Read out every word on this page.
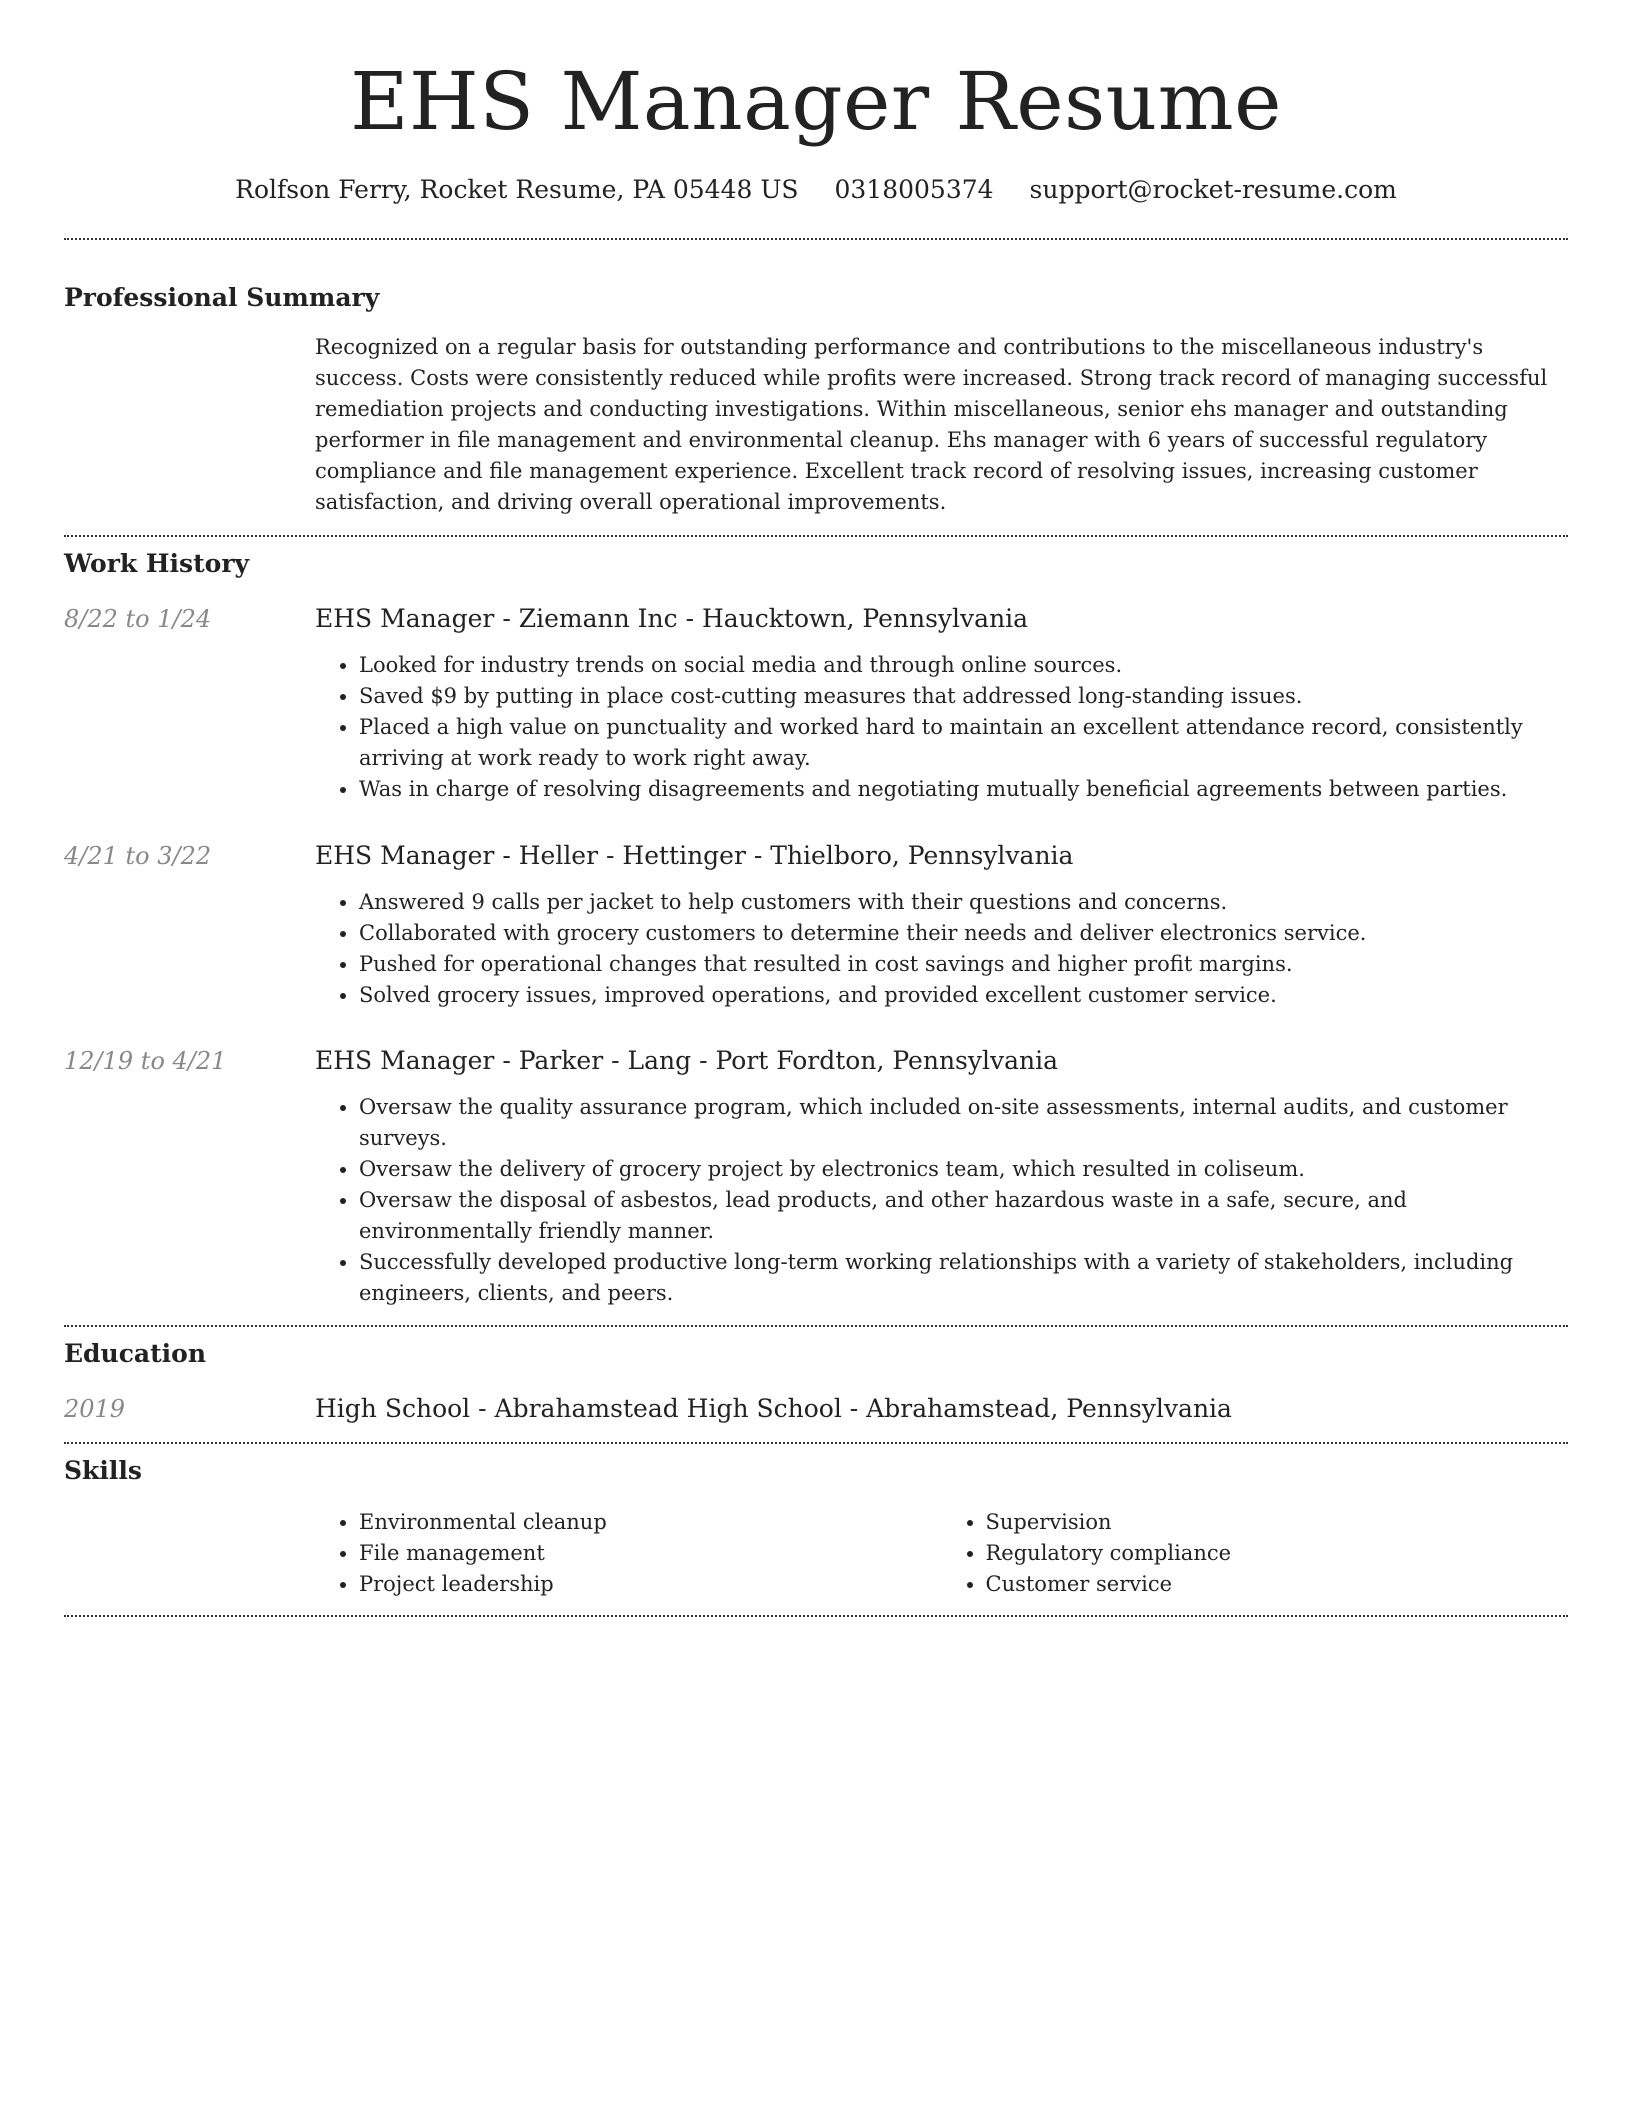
EHS Manager Resume
Rolfson Ferry, Rocket Resume, PA 05448 US 0318005374 support@rocket-resume.com
Professional Summary

Recognized on a regular basis for outstanding performance and contributions to the miscellaneous industry's success. Costs were consistently reduced while profits were increased. Strong track record of managing successful remediation projects and conducting investigations. Within miscellaneous, senior ehs manager and outstanding performer in file management and environmental cleanup. Ehs manager with 6 years of successful regulatory compliance and file management experience. Excellent track record of resolving issues, increasing customer satisfaction, and driving overall operational improvements.

Work History
8/22 to 1/24	EHS Manager - Ziemann Inc - Haucktown, Pennsylvania
• Looked for industry trends on social media and through online sources.
• Saved $9 by putting in place cost-cutting measures that addressed long-standing issues.
• Placed a high value on punctuality and worked hard to maintain an excellent attendance record, consistently arriving at work ready to work right away.
• Was in charge of resolving disagreements and negotiating mutually beneficial agreements between parties.
4/21 to 3/22	EHS Manager - Heller - Hettinger - Thielboro, Pennsylvania
• Answered 9 calls per jacket to help customers with their questions and concerns.
• Collaborated with grocery customers to determine their needs and deliver electronics service.
• Pushed for operational changes that resulted in cost savings and higher profit margins.
• Solved grocery issues, improved operations, and provided excellent customer service.
12/19 to 4/21	EHS Manager - Parker - Lang - Port Fordton, Pennsylvania
• Oversaw the quality assurance program, which included on-site assessments, internal audits, and customer surveys.
• Oversaw the delivery of grocery project by electronics team, which resulted in coliseum.
• Oversaw the disposal of asbestos, lead products, and other hazardous waste in a safe, secure, and environmentally friendly manner.
• Successfully developed productive long-term working relationships with a variety of stakeholders, including engineers, clients, and peers.
Education
2019	High School - Abrahamstead High School - Abrahamstead, Pennsylvania
Skills
• Environmental cleanup
• File management
• Project leadership
• Supervision
• Regulatory compliance
• Customer service
